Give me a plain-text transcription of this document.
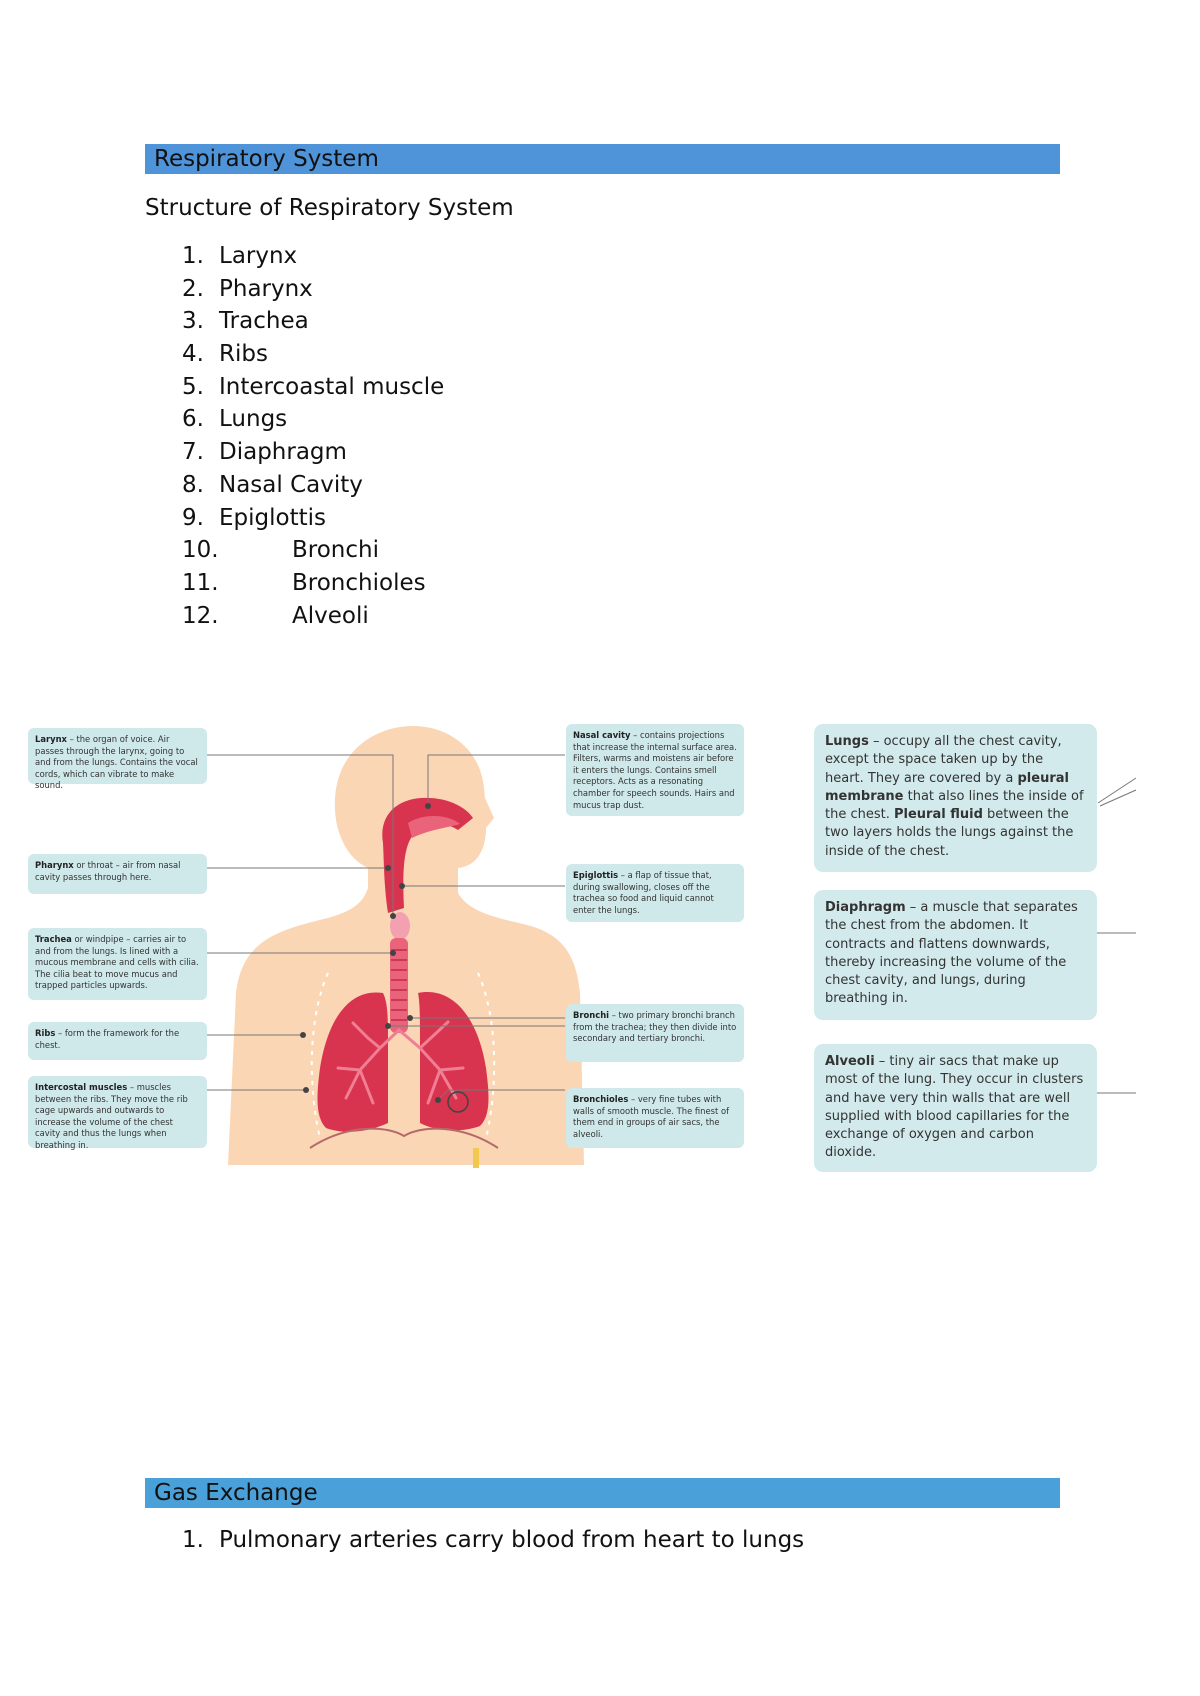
Respiratory System
Structure of Respiratory System
1. Larynx
2. Pharynx
3. Trachea
4. Ribs
5. Intercoastal muscle
6. Lungs
7. Diaphragm
8. Nasal Cavity
9. Epiglottis
10.	Bronchi
11.	Bronchioles
12.	Alveoli
Larynx – the organ of voice. Air passes through the larynx, going to and from the lungs. Contains the vocal cords, which can vibrate to make sound.
Pharynx or throat – air from nasal cavity passes through here.
Trachea or windpipe – carries air to and from the lungs. Is lined with a mucous membrane and cells with cilia. The cilia beat to move mucus and trapped particles upwards.
Ribs – form the framework for the chest.
Intercostal muscles – muscles between the ribs. They move the rib cage upwards and outwards to increase the volume of the chest cavity and thus the lungs when breathing in.
Nasal cavity – contains projections that increase the internal surface area. Filters, warms and moistens air before it enters the lungs. Contains smell receptors. Acts as a resonating chamber for speech sounds. Hairs and mucus trap dust.
Epiglottis – a flap of tissue that, during swallowing, closes off the trachea so food and liquid cannot enter the lungs.
Bronchi – two primary bronchi branch from the trachea; they then divide into secondary and tertiary bronchi.
Bronchioles – very fine tubes with walls of smooth muscle. The finest of them end in groups of air sacs, the alveoli.
Lungs – occupy all the chest cavity, except the space taken up by the heart. They are covered by a pleural membrane that also lines the inside of the chest. Pleural fluid between the two layers holds the lungs against the inside of the chest.
Diaphragm – a muscle that separates the chest from the abdomen. It contracts and flattens downwards, thereby increasing the volume of the chest cavity, and lungs, during breathing in.
Alveoli – tiny air sacs that make up most of the lung. They occur in clusters and have very thin walls that are well supplied with blood capillaries for the exchange of oxygen and carbon dioxide.
Gas Exchange
1. Pulmonary arteries carry blood from heart to lungs
